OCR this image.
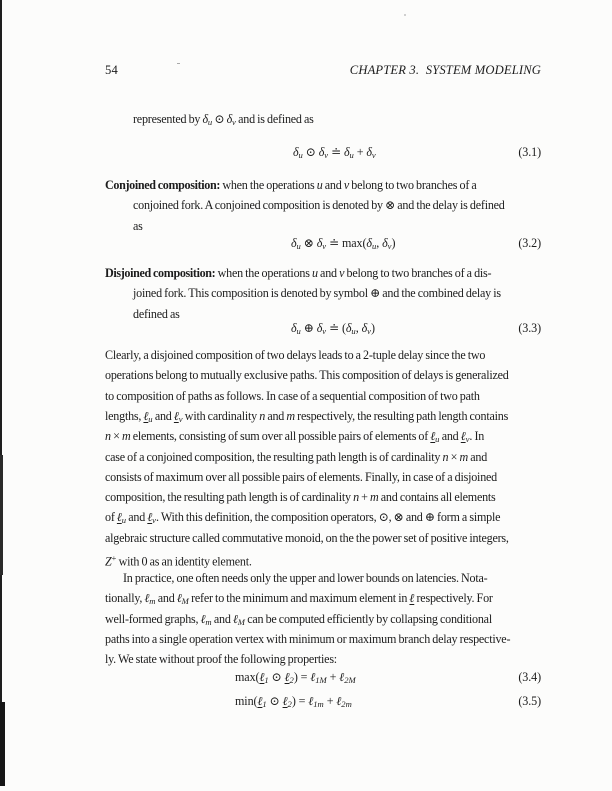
54	CHAPTER 3.  SYSTEM MODELING
represented by δu ⊙ δv and is defined as
δu ⊙ δv ≐ δu + δv	(3.1)
Conjoined composition: when the operations u and v belong to two branches of a
conjoined fork. A conjoined composition is denoted by ⊗ and the delay is defined
as
δu ⊗ δv ≐ max(δu, δv)	(3.2)
Disjoined composition: when the operations u and v belong to two branches of a dis-
joined fork. This composition is denoted by symbol ⊕ and the combined delay is
defined as
δu ⊕ δv ≐ (δu, δv)	(3.3)
Clearly, a disjoined composition of two delays leads to a 2-tuple delay since the two
operations belong to mutually exclusive paths. This composition of delays is generalized
to composition of paths as follows. In case of a sequential composition of two path
lengths, ℓu and ℓv with cardinality n and m respectively, the resulting path length contains
n × m elements, consisting of sum over all possible pairs of elements of ℓu and ℓv. In
case of a conjoined composition, the resulting path length is of cardinality n × m and
consists of maximum over all possible pairs of elements. Finally, in case of a disjoined
composition, the resulting path length is of cardinality n + m and contains all elements
of ℓu and ℓv. With this definition, the composition operators, ⊙, ⊗ and ⊕ form a simple
algebraic structure called commutative monoid, on the the power set of positive integers,
Z+ with 0 as an identity element.
In practice, one often needs only the upper and lower bounds on latencies. Nota-
tionally, ℓm and ℓM refer to the minimum and maximum element in ℓ respectively. For
well-formed graphs, ℓm and ℓM can be computed efficiently by collapsing conditional
paths into a single operation vertex with minimum or maximum branch delay respective-
ly. We state without proof the following properties:
max(ℓ1 ⊙ ℓ2) = ℓ1M + ℓ2M	(3.4)
min(ℓ1 ⊙ ℓ2) = ℓ1m + ℓ2m	(3.5)
